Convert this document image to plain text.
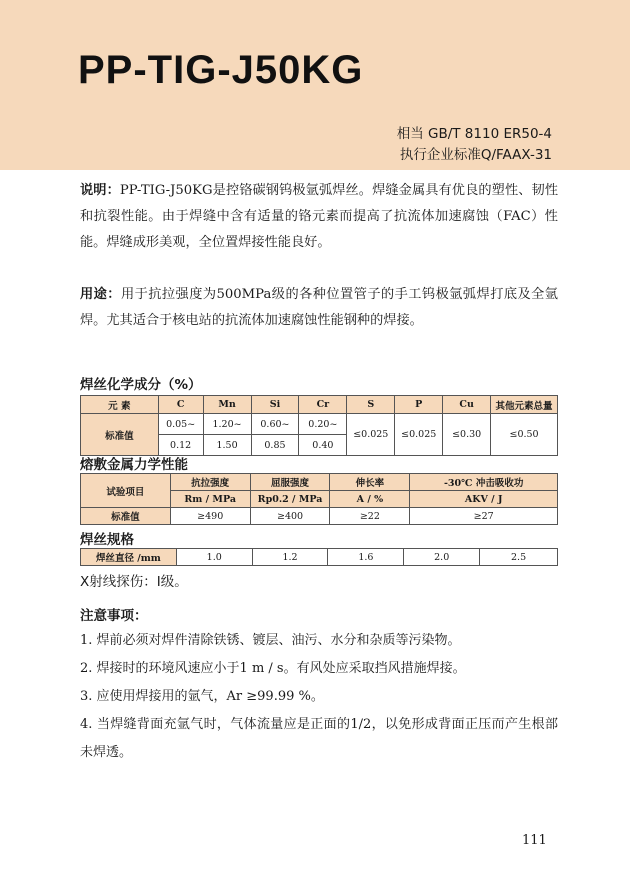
PP-TIG-J50KG
相当 GB/T 8110 ER50-4
执行企业标准Q/FAAX-31

说明：PP-TIG-J50KG是控铬碳钢钨极氩弧焊丝。焊缝金属具有优良的塑性、韧性和抗裂性能。由于焊缝中含有适量的铬元素而提高了抗流体加速腐蚀（FAC）性能。焊缝成形美观，全位置焊接性能良好。

用途：用于抗拉强度为500MPa级的各种位置管子的手工钨极氩弧焊打底及全氩焊。尤其适合于核电站的抗流体加速腐蚀性能钢种的焊接。

焊丝化学成分（%）
元 素	C	Mn	Si	Cr	S	P	Cu	其他元素总量
标准值	0.05~	1.20~	0.60~	0.20~	≤0.025	≤0.025	≤0.30	≤0.50
	0.12	1.50	0.85	0.40				
熔敷金属力学性能
试验项目	抗拉强度	屈服强度	伸长率	-30℃ 冲击吸收功
	Rm / MPa	Rp0.2 / MPa	A / %	AKV / J
标准值	≥490	≥400	≥22	≥27
焊丝规格
焊丝直径 /mm	1.0	1.2	1.6	2.0	2.5

X射线探伤：Ⅰ级。

注意事项：
1. 焊前必须对焊件清除铁锈、镀层、油污、水分和杂质等污染物。
2. 焊接时的环境风速应小于1 m / s。有风处应采取挡风措施焊接。
3. 应使用焊接用的氩气，Ar ≥99.99 %。
4. 当焊缝背面充氩气时，气体流量应是正面的1/2，以免形成背面正压而产生根部未焊透。
111
